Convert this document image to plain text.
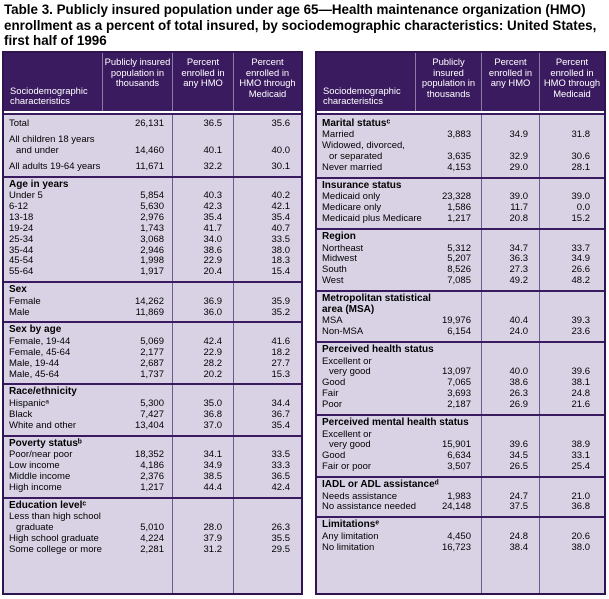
Table 3. Publicly insured population under age 65—Health maintenance organization (HMO) enrollment as a percent of total insured, by sociodemographic characteristics: United States, first half of 1996
Sociodemographic characteristics
Publicly insured population in thousands
Percent enrolled in any HMO
Percent enrolled in HMO through Medicaid
Total	26,131	36.5	35.6
All children 18 years
and under	14,460	40.1	40.0
All adults 19-64 years	11,671	32.2	30.1
Age in years
Under 5	5,854	40.3	40.2
6-12	5,630	42.3	42.1
13-18	2,976	35.4	35.4
19-24	1,743	41.7	40.7
25-34	3,068	34.0	33.5
35-44	2,946	38.6	38.0
45-54	1,998	22.9	18.3
55-64	1,917	20.4	15.4
Sex
Female	14,262	36.9	35.9
Male	11,869	36.0	35.2
Sex by age
Female, 19-44	5,069	42.4	41.6
Female, 45-64	2,177	22.9	18.2
Male, 19-44	2,687	28.2	27.7
Male, 45-64	1,737	20.2	15.3
Race/ethnicity
Hispanicᵃ	5,300	35.0	34.4
Black	7,427	36.8	36.7
White and other	13,404	37.0	35.4
Poverty statusᵇ
Poor/near poor	18,352	34.1	33.5
Low income	4,186	34.9	33.3
Middle income	2,376	38.5	36.5
High income	1,217	44.4	42.4
Education levelᶜ
Less than high school
graduate	5,010	28.0	26.3
High school graduate	4,224	37.9	35.5
Some college or more	2,281	31.2	29.5
Sociodemographic characteristics
Publicly insured population in thousands
Percent enrolled in any HMO
Percent enrolled in HMO through Medicaid
Marital statusᶜ
Married	3,883	34.9	31.8
Widowed, divorced,
or separated	3,635	32.9	30.6
Never married	4,153	29.0	28.1
Insurance status
Medicaid only	23,328	39.0	39.0
Medicare only	1,586	11.7	0.0
Medicaid plus Medicare	1,217	20.8	15.2
Region
Northeast	5,312	34.7	33.7
Midwest	5,207	36.3	34.9
South	8,526	27.3	26.6
West	7,085	49.2	48.2
Metropolitan statistical
area (MSA)
MSA	19,976	40.4	39.3
Non-MSA	6,154	24.0	23.6
Perceived health status
Excellent or
very good	13,097	40.0	39.6
Good	7,065	38.6	38.1
Fair	3,693	26.3	24.8
Poor	2,187	26.9	21.6
Perceived mental health status
Excellent or
very good	15,901	39.6	38.9
Good	6,634	34.5	33.1
Fair or poor	3,507	26.5	25.4
IADL or ADL assistanceᵈ
Needs assistance	1,983	24.7	21.0
No assistance needed	24,148	37.5	36.8
Limitationsᵉ
Any limitation	4,450	24.8	20.6
No limitation	16,723	38.4	38.0
